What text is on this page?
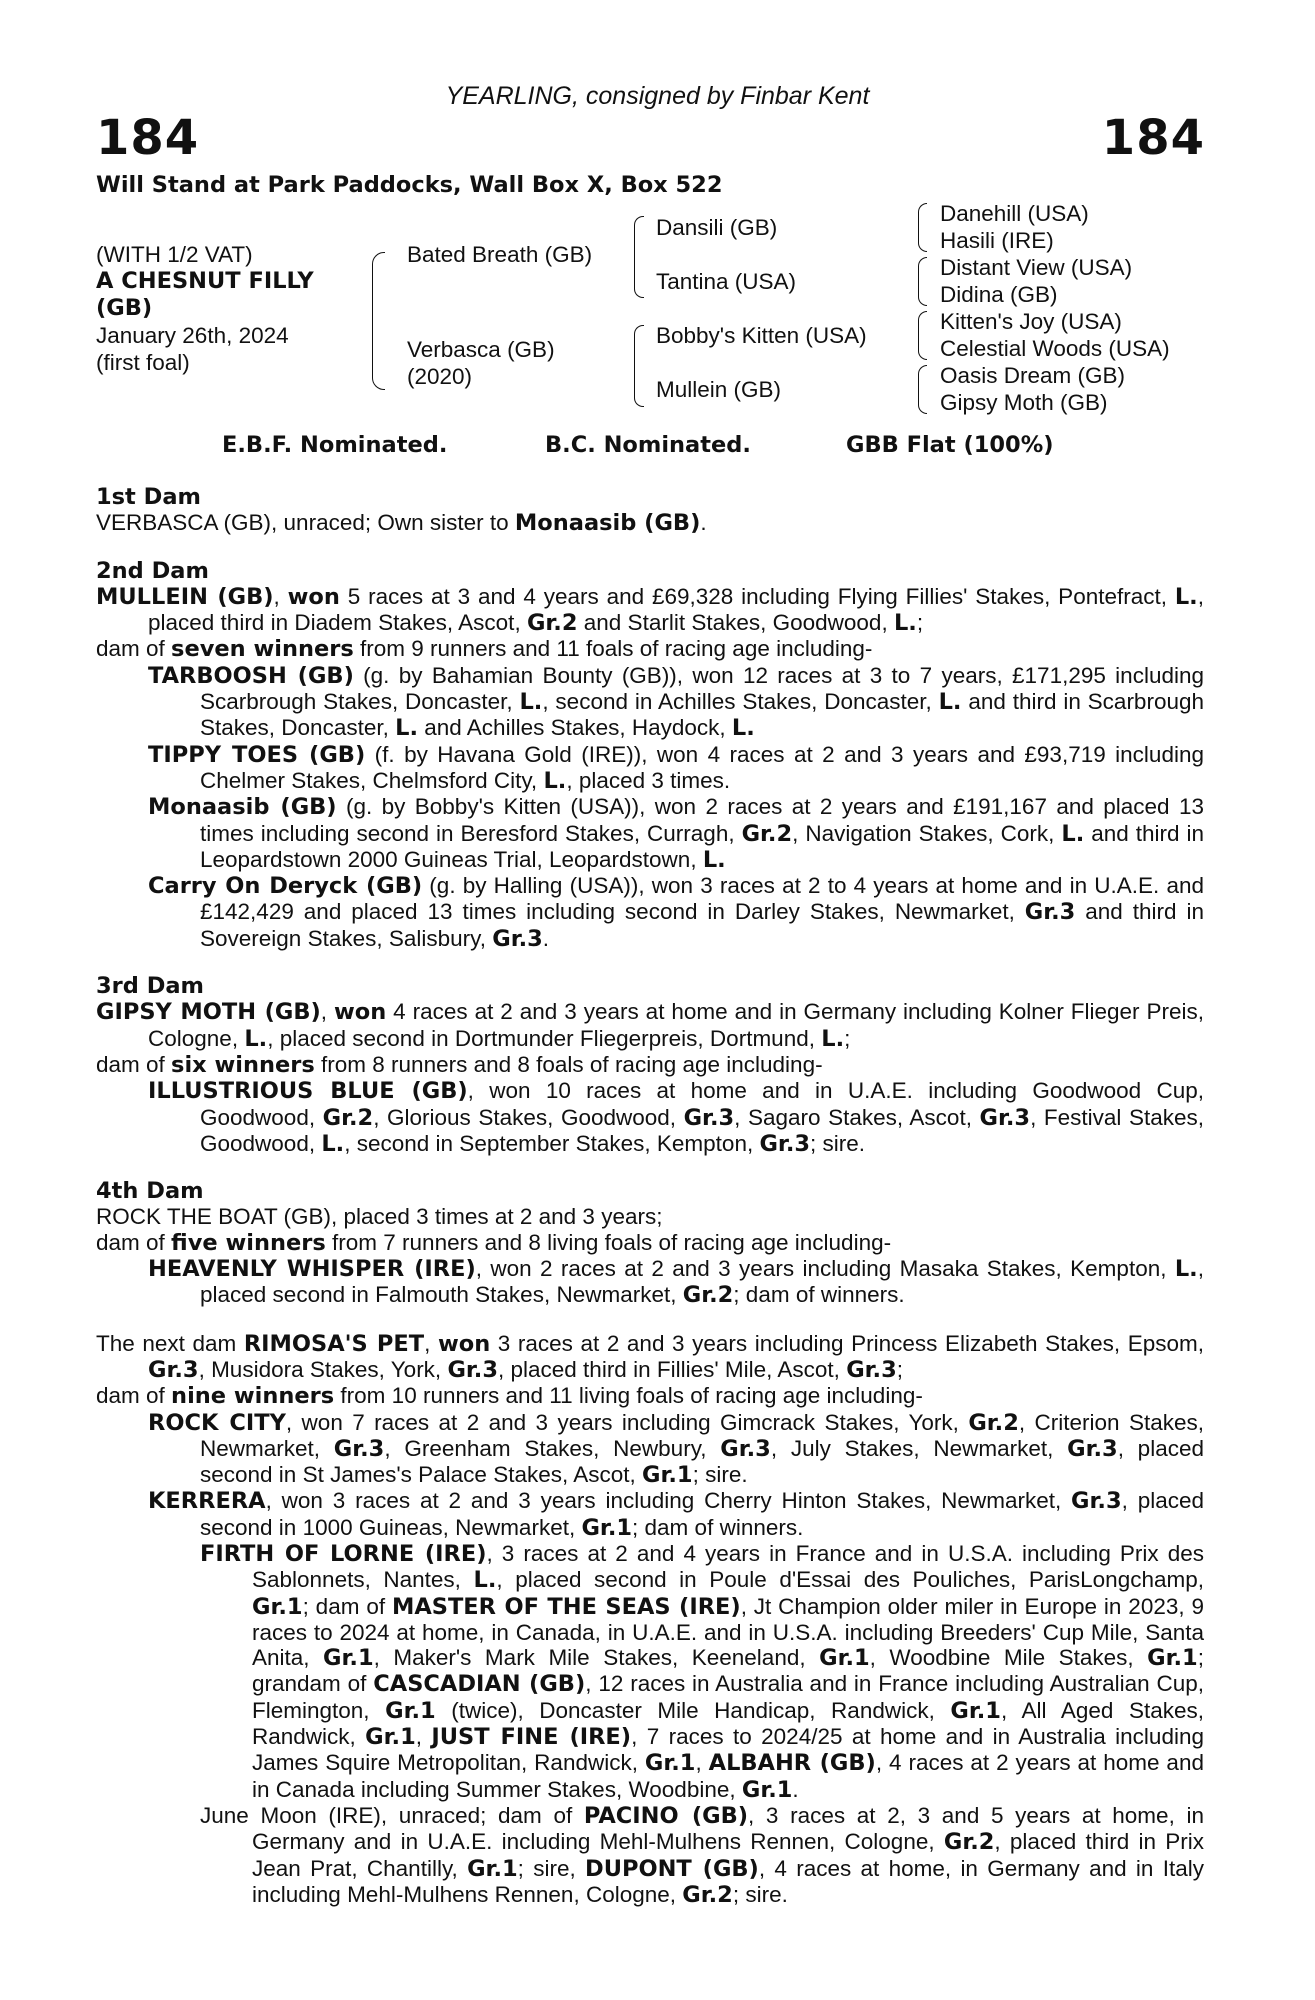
YEARLING, consigned by Finbar Kent
184	184
Will Stand at Park Paddocks, Wall Box X, Box 522
(WITH 1/2 VAT)
A CHESNUT FILLY
(GB)
January 26th, 2024
(first foal)
Bated Breath (GB)
Verbasca (GB)
(2020)
Dansili (GB)
Tantina (USA)
Bobby's Kitten (USA)
Mullein (GB)
Danehill (USA)
Hasili (IRE)
Distant View (USA)
Didina (GB)
Kitten's Joy (USA)
Celestial Woods (USA)
Oasis Dream (GB)
Gipsy Moth (GB)
E.B.F. Nominated.	B.C. Nominated.	GBB Flat (100%)
1st Dam
VERBASCA (GB), unraced; Own sister to Monaasib (GB).
2nd Dam
MULLEIN (GB), won 5 races at 3 and 4 years and £69,328 including Flying Fillies' Stakes, Pontefract, L., placed third in Diadem Stakes, Ascot, Gr.2 and Starlit Stakes, Goodwood, L.;
dam of seven winners from 9 runners and 11 foals of racing age including-
TARBOOSH (GB) (g. by Bahamian Bounty (GB)), won 12 races at 3 to 7 years, £171,295 including Scarbrough Stakes, Doncaster, L., second in Achilles Stakes, Doncaster, L. and third in Scarbrough Stakes, Doncaster, L. and Achilles Stakes, Haydock, L.
TIPPY TOES (GB) (f. by Havana Gold (IRE)), won 4 races at 2 and 3 years and £93,719 including Chelmer Stakes, Chelmsford City, L., placed 3 times.
Monaasib (GB) (g. by Bobby's Kitten (USA)), won 2 races at 2 years and £191,167 and placed 13 times including second in Beresford Stakes, Curragh, Gr.2, Navigation Stakes, Cork, L. and third in Leopardstown 2000 Guineas Trial, Leopardstown, L.
Carry On Deryck (GB) (g. by Halling (USA)), won 3 races at 2 to 4 years at home and in U.A.E. and £142,429 and placed 13 times including second in Darley Stakes, Newmarket, Gr.3 and third in Sovereign Stakes, Salisbury, Gr.3.
3rd Dam
GIPSY MOTH (GB), won 4 races at 2 and 3 years at home and in Germany including Kolner Flieger Preis, Cologne, L., placed second in Dortmunder Fliegerpreis, Dortmund, L.;
dam of six winners from 8 runners and 8 foals of racing age including-
ILLUSTRIOUS BLUE (GB), won 10 races at home and in U.A.E. including Goodwood Cup, Goodwood, Gr.2, Glorious Stakes, Goodwood, Gr.3, Sagaro Stakes, Ascot, Gr.3, Festival Stakes, Goodwood, L., second in September Stakes, Kempton, Gr.3; sire.
4th Dam
ROCK THE BOAT (GB), placed 3 times at 2 and 3 years;
dam of five winners from 7 runners and 8 living foals of racing age including-
HEAVENLY WHISPER (IRE), won 2 races at 2 and 3 years including Masaka Stakes, Kempton, L., placed second in Falmouth Stakes, Newmarket, Gr.2; dam of winners.
The next dam RIMOSA'S PET, won 3 races at 2 and 3 years including Princess Elizabeth Stakes, Epsom, Gr.3, Musidora Stakes, York, Gr.3, placed third in Fillies' Mile, Ascot, Gr.3;
dam of nine winners from 10 runners and 11 living foals of racing age including-
ROCK CITY, won 7 races at 2 and 3 years including Gimcrack Stakes, York, Gr.2, Criterion Stakes, Newmarket, Gr.3, Greenham Stakes, Newbury, Gr.3, July Stakes, Newmarket, Gr.3, placed second in St James's Palace Stakes, Ascot, Gr.1; sire.
KERRERA, won 3 races at 2 and 3 years including Cherry Hinton Stakes, Newmarket, Gr.3, placed second in 1000 Guineas, Newmarket, Gr.1; dam of winners.
FIRTH OF LORNE (IRE), 3 races at 2 and 4 years in France and in U.S.A. including Prix des Sablonnets, Nantes, L., placed second in Poule d'Essai des Pouliches, ParisLongchamp, Gr.1; dam of MASTER OF THE SEAS (IRE), Jt Champion older miler in Europe in 2023, 9 races to 2024 at home, in Canada, in U.A.E. and in U.S.A. including Breeders' Cup Mile, Santa Anita, Gr.1, Maker's Mark Mile Stakes, Keeneland, Gr.1, Woodbine Mile Stakes, Gr.1; grandam of CASCADIAN (GB), 12 races in Australia and in France including Australian Cup, Flemington, Gr.1 (twice), Doncaster Mile Handicap, Randwick, Gr.1, All Aged Stakes, Randwick, Gr.1, JUST FINE (IRE), 7 races to 2024/25 at home and in Australia including James Squire Metropolitan, Randwick, Gr.1, ALBAHR (GB), 4 races at 2 years at home and in Canada including Summer Stakes, Woodbine, Gr.1.
June Moon (IRE), unraced; dam of PACINO (GB), 3 races at 2, 3 and 5 years at home, in Germany and in U.A.E. including Mehl-Mulhens Rennen, Cologne, Gr.2, placed third in Prix Jean Prat, Chantilly, Gr.1; sire, DUPONT (GB), 4 races at home, in Germany and in Italy including Mehl-Mulhens Rennen, Cologne, Gr.2; sire.
